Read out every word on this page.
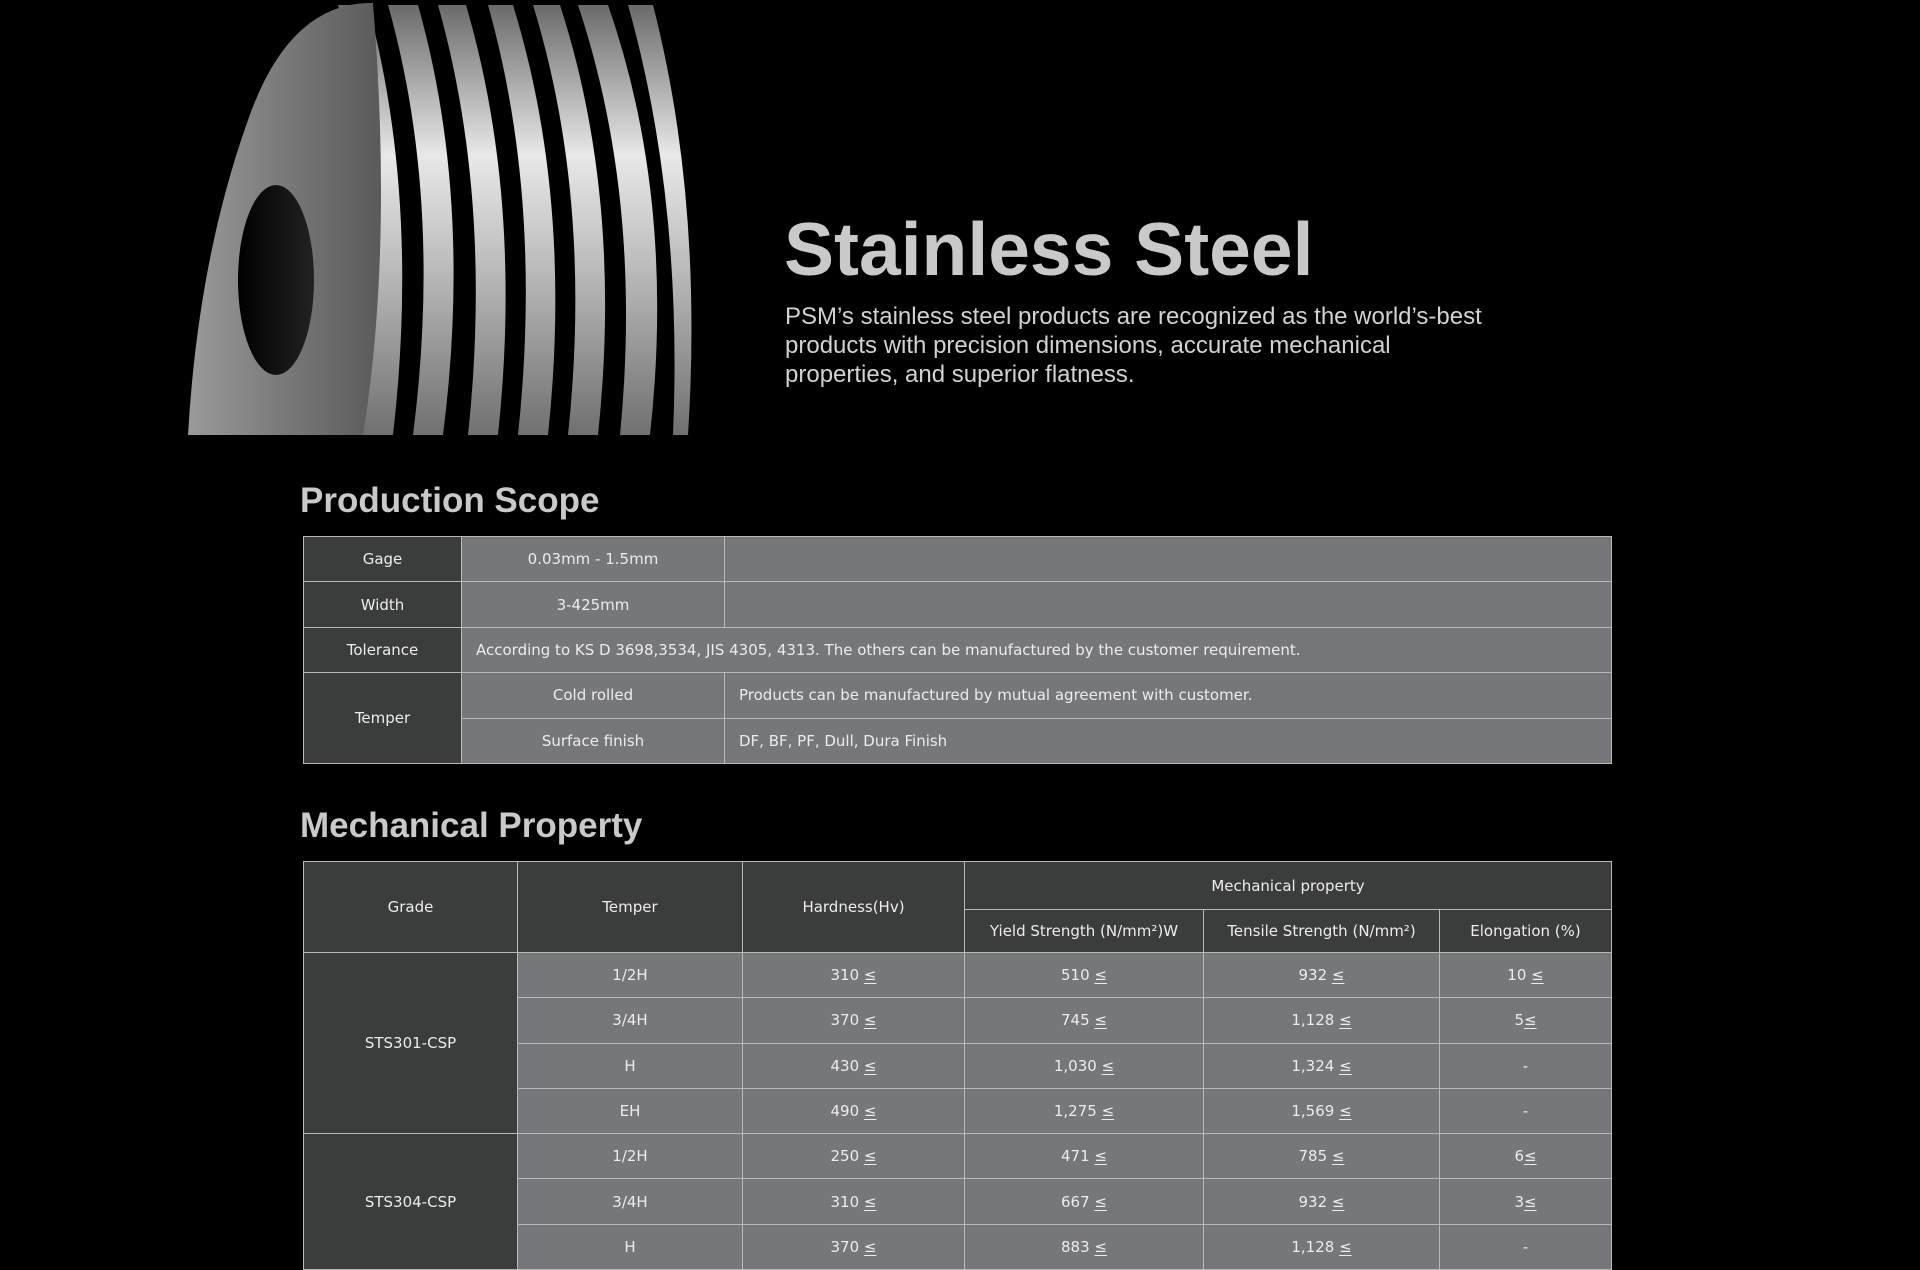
Stainless Steel

PSM’s stainless steel products are recognized as the world’s-best products with precision dimensions, accurate mechanical properties, and superior flatness.

Production Scope
Gage	0.03mm - 1.5mm	
Width	3-425mm	
Tolerance	According to KS D 3698,3534, JIS 4305, 4313. The others can be manufactured by the customer requirement.	
Temper	Cold rolled	Products can be manufactured by mutual agreement with customer.
	Surface finish	DF, BF, PF, Dull, Dura Finish
Mechanical Property
Grade	Temper	Hardness(Hv)	Mechanical property		
			Yield Strength (N/mm²)W	Tensile Strength (N/mm²)	Elongation (%)
STS301-CSP	1/2H	310 ≤	510 ≤	932 ≤	10 ≤
	3/4H	370 ≤	745 ≤	1,128 ≤	5≤
	H	430 ≤	1,030 ≤	1,324 ≤	-
	EH	490 ≤	1,275 ≤	1,569 ≤	-
STS304-CSP	1/2H	250 ≤	471 ≤	785 ≤	6≤
	3/4H	310 ≤	667 ≤	932 ≤	3≤
	H	370 ≤	883 ≤	1,128 ≤	-
